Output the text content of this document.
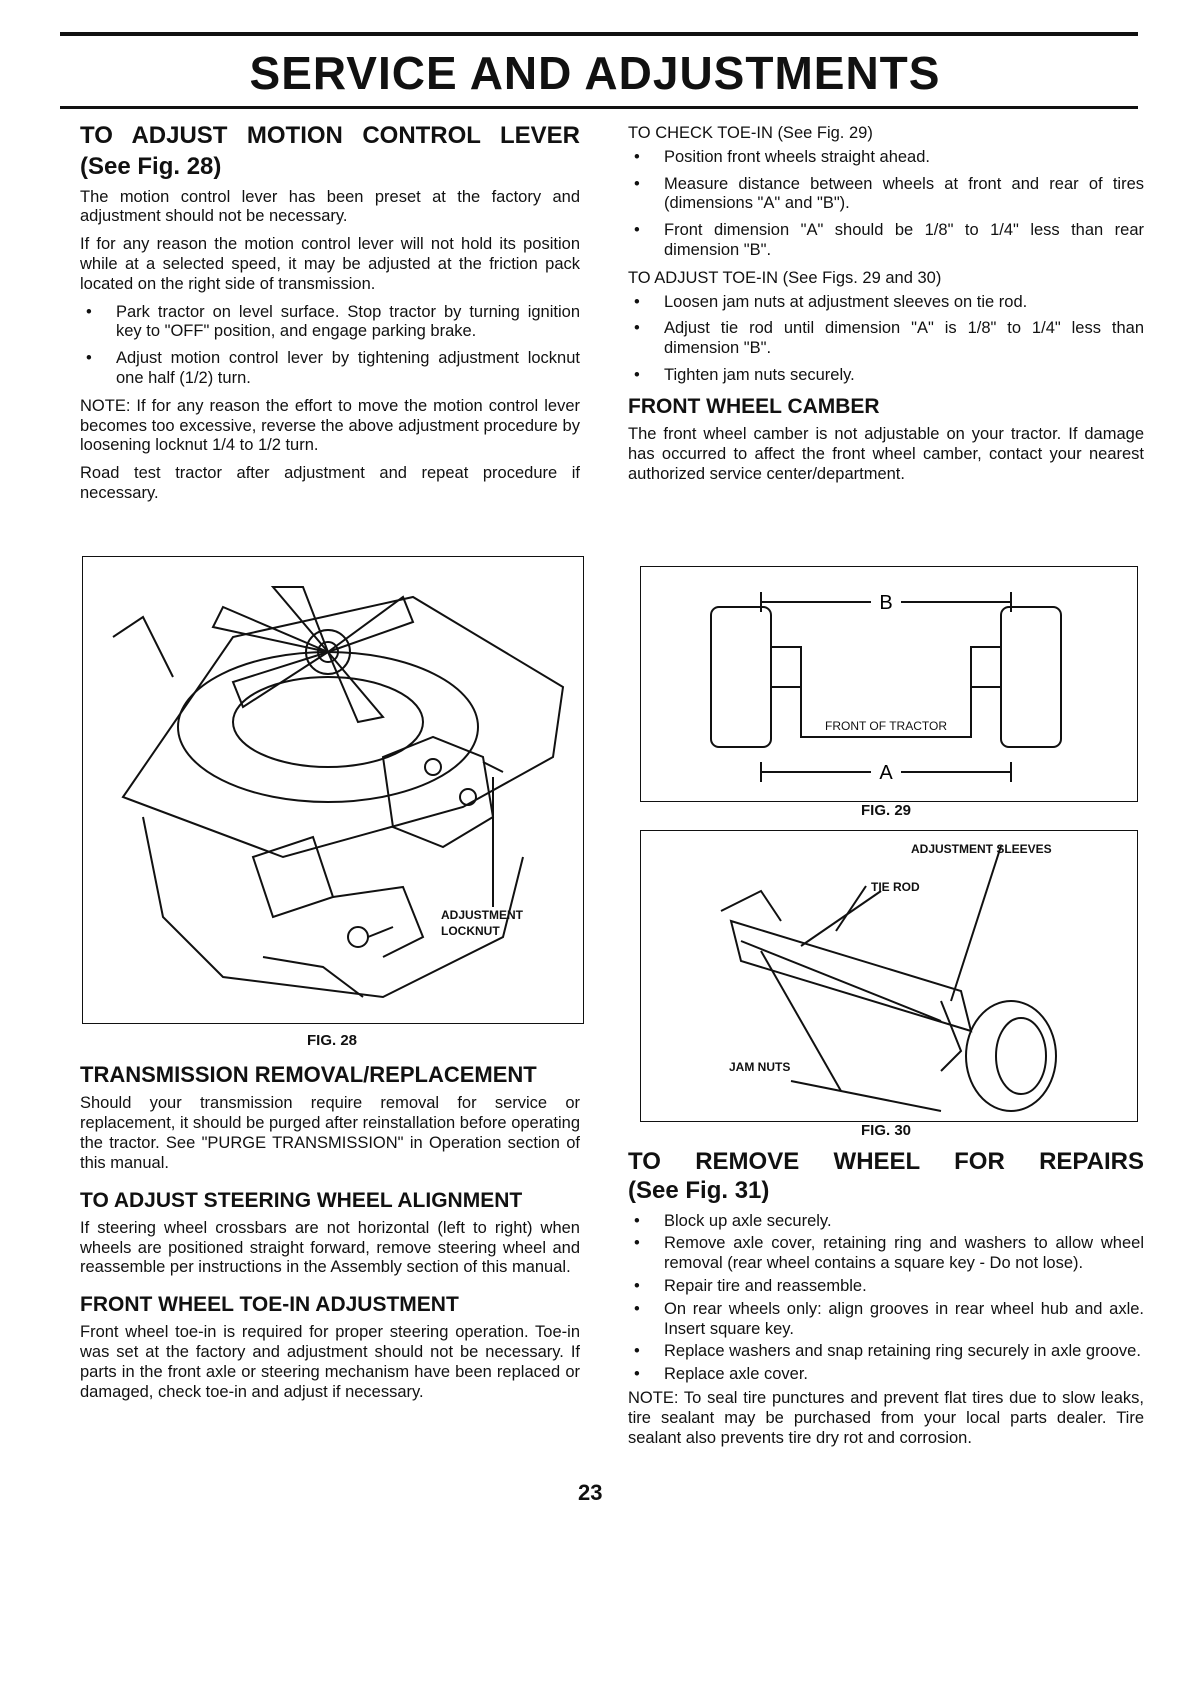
SERVICE AND ADJUSTMENTS
TO ADJUST MOTION CONTROL LEVER
(See Fig. 28)

The motion control lever has been preset at the factory and adjustment should not be necessary.

If for any reason the motion control lever will not hold its position while at a selected speed, it may be adjusted at the friction pack located on the right side of transmission.

• Park tractor on level surface. Stop tractor by turning ignition key to "OFF" position, and engage parking brake.
• Adjust motion control lever by tightening adjustment locknut one half (1/2) turn.

NOTE: If for any reason the effort to move the motion control lever becomes too excessive, reverse the above adjustment procedure by loosening locknut 1/4 to 1/2 turn.

Road test tractor after adjustment and repeat procedure if necessary.

ADJUSTMENT
LOCKNUT
FIG. 28
TRANSMISSION REMOVAL/REPLACEMENT

Should your transmission require removal for service or replacement, it should be purged after reinstallation before operating the tractor. See "PURGE TRANSMISSION" in Operation section of this manual.

TO ADJUST STEERING WHEEL ALIGNMENT

If steering wheel crossbars are not horizontal (left to right) when wheels are positioned straight forward, remove steering wheel and reassemble per instructions in the Assembly section of this manual.

FRONT WHEEL TOE-IN ADJUSTMENT

Front wheel toe-in is required for proper steering operation. Toe-in was set at the factory and adjustment should not be necessary. If parts in the front axle or steering mechanism have been replaced or damaged, check toe-in and adjust if necessary.

TO CHECK TOE-IN (See Fig. 29)

• Position front wheels straight ahead.
• Measure distance between wheels at front and rear of tires (dimensions "A" and "B").
• Front dimension "A" should be 1/8" to 1/4" less than rear dimension "B".

TO ADJUST TOE-IN (See Figs. 29 and 30)

• Loosen jam nuts at adjustment sleeves on tie rod.
• Adjust tie rod until dimension "A" is 1/8" to 1/4" less than dimension "B".
• Tighten jam nuts securely.
FRONT WHEEL CAMBER

The front wheel camber is not adjustable on your tractor. If damage has occurred to affect the front wheel camber, contact your nearest authorized service center/department.

B
A
FRONT OF TRACTOR
FIG. 29
ADJUSTMENT SLEEVES
TIE ROD
JAM NUTS
FIG. 30
TO REMOVE WHEEL FOR REPAIRS
(See Fig. 31)
• Block up axle securely.
• Remove axle cover, retaining ring and washers to allow wheel removal (rear wheel contains a square key - Do not lose).
• Repair tire and reassemble.
• On rear wheels only: align grooves in rear wheel hub and axle. Insert square key.
• Replace washers and snap retaining ring securely in axle groove.
• Replace axle cover.

NOTE: To seal tire punctures and prevent flat tires due to slow leaks, tire sealant may be purchased from your local parts dealer. Tire sealant also prevents tire dry rot and corrosion.

23
